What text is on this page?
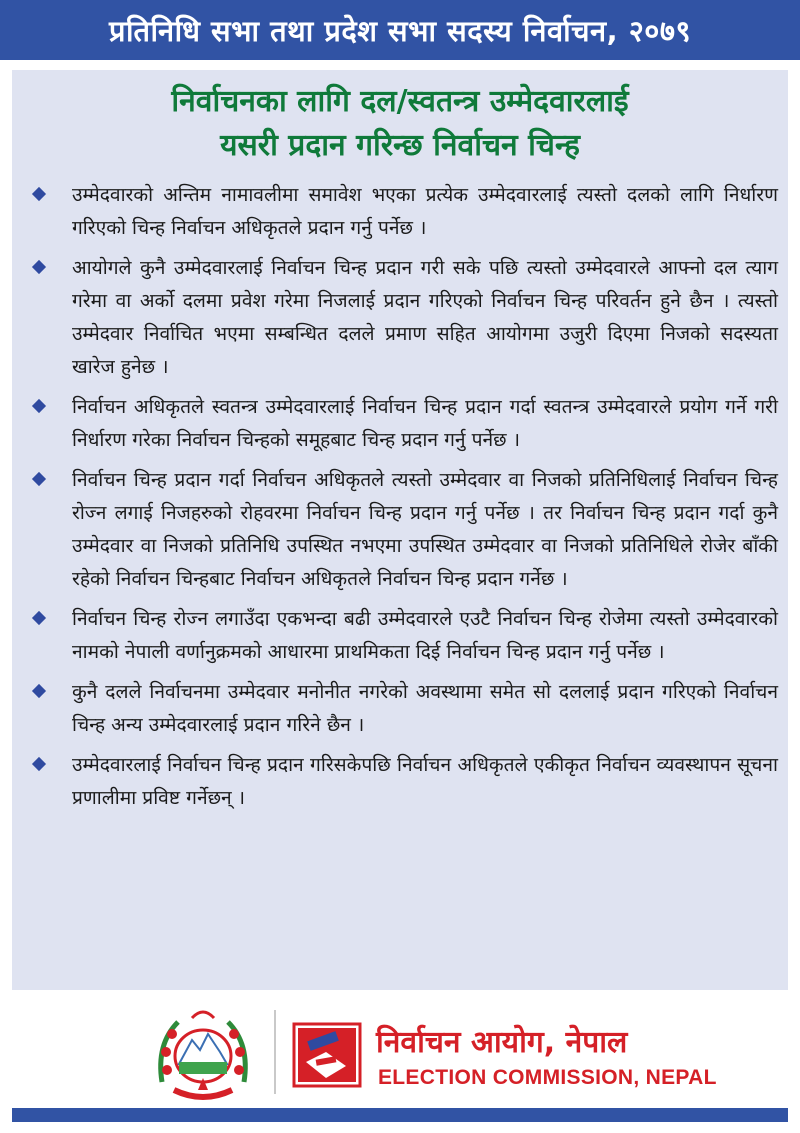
प्रतिनिधि सभा तथा प्रदेश सभा सदस्य निर्वाचन, २०७९
निर्वाचनका लागि दल/स्वतन्त्र उम्मेदवारलाई
यसरी प्रदान गरिन्छ निर्वाचन चिन्ह
उम्मेदवारको अन्तिम नामावलीमा समावेश भएका प्रत्येक उम्मेदवारलाई त्यस्तो दलको लागि निर्धारण गरिएको चिन्ह निर्वाचन अधिकृतले प्रदान गर्नु पर्नेछ ।
आयोगले कुनै उम्मेदवारलाई निर्वाचन चिन्ह प्रदान गरी सके पछि त्यस्तो उम्मेदवारले आफ्नो दल त्याग गरेमा वा अर्को दलमा प्रवेश गरेमा निजलाई प्रदान गरिएको निर्वाचन चिन्ह परिवर्तन हुने छैन । त्यस्तो उम्मेदवार निर्वाचित भएमा सम्बन्धित दलले प्रमाण सहित आयोगमा उजुरी दिएमा निजको सदस्यता खारेज हुनेछ ।
निर्वाचन अधिकृतले स्वतन्त्र उम्मेदवारलाई निर्वाचन चिन्ह प्रदान गर्दा स्वतन्त्र उम्मेदवारले प्रयोग गर्ने गरी निर्धारण गरेका निर्वाचन चिन्हको समूहबाट चिन्ह प्रदान गर्नु पर्नेछ ।
निर्वाचन चिन्ह प्रदान गर्दा निर्वाचन अधिकृतले त्यस्तो उम्मेदवार वा निजको प्रतिनिधिलाई निर्वाचन चिन्ह रोज्न लगाई निजहरुको रोहवरमा निर्वाचन चिन्ह प्रदान गर्नु पर्नेछ । तर निर्वाचन चिन्ह प्रदान गर्दा कुनै उम्मेदवार वा निजको प्रतिनिधि उपस्थित नभएमा उपस्थित उम्मेदवार वा निजको प्रतिनिधिले रोजेर बाँकी रहेको निर्वाचन चिन्हबाट निर्वाचन अधिकृतले निर्वाचन चिन्ह प्रदान गर्नेछ ।
निर्वाचन चिन्ह रोज्न लगाउँदा एकभन्दा बढी उम्मेदवारले एउटै निर्वाचन चिन्ह रोजेमा त्यस्तो उम्मेदवारको नामको नेपाली वर्णानुक्रमको आधारमा प्राथमिकता दिई निर्वाचन चिन्ह प्रदान गर्नु पर्नेछ ।
कुनै दलले निर्वाचनमा उम्मेदवार मनोनीत नगरेको अवस्थामा समेत सो दललाई प्रदान गरिएको निर्वाचन चिन्ह अन्य उम्मेदवारलाई प्रदान गरिने छैन ।
उम्मेदवारलाई निर्वाचन चिन्ह प्रदान गरिसकेपछि निर्वाचन अधिकृतले एकीकृत निर्वाचन व्यवस्थापन सूचना प्रणालीमा प्रविष्ट गर्नेछन् ।
निर्वाचन आयोग, नेपाल
ELECTION COMMISSION, NEPAL
